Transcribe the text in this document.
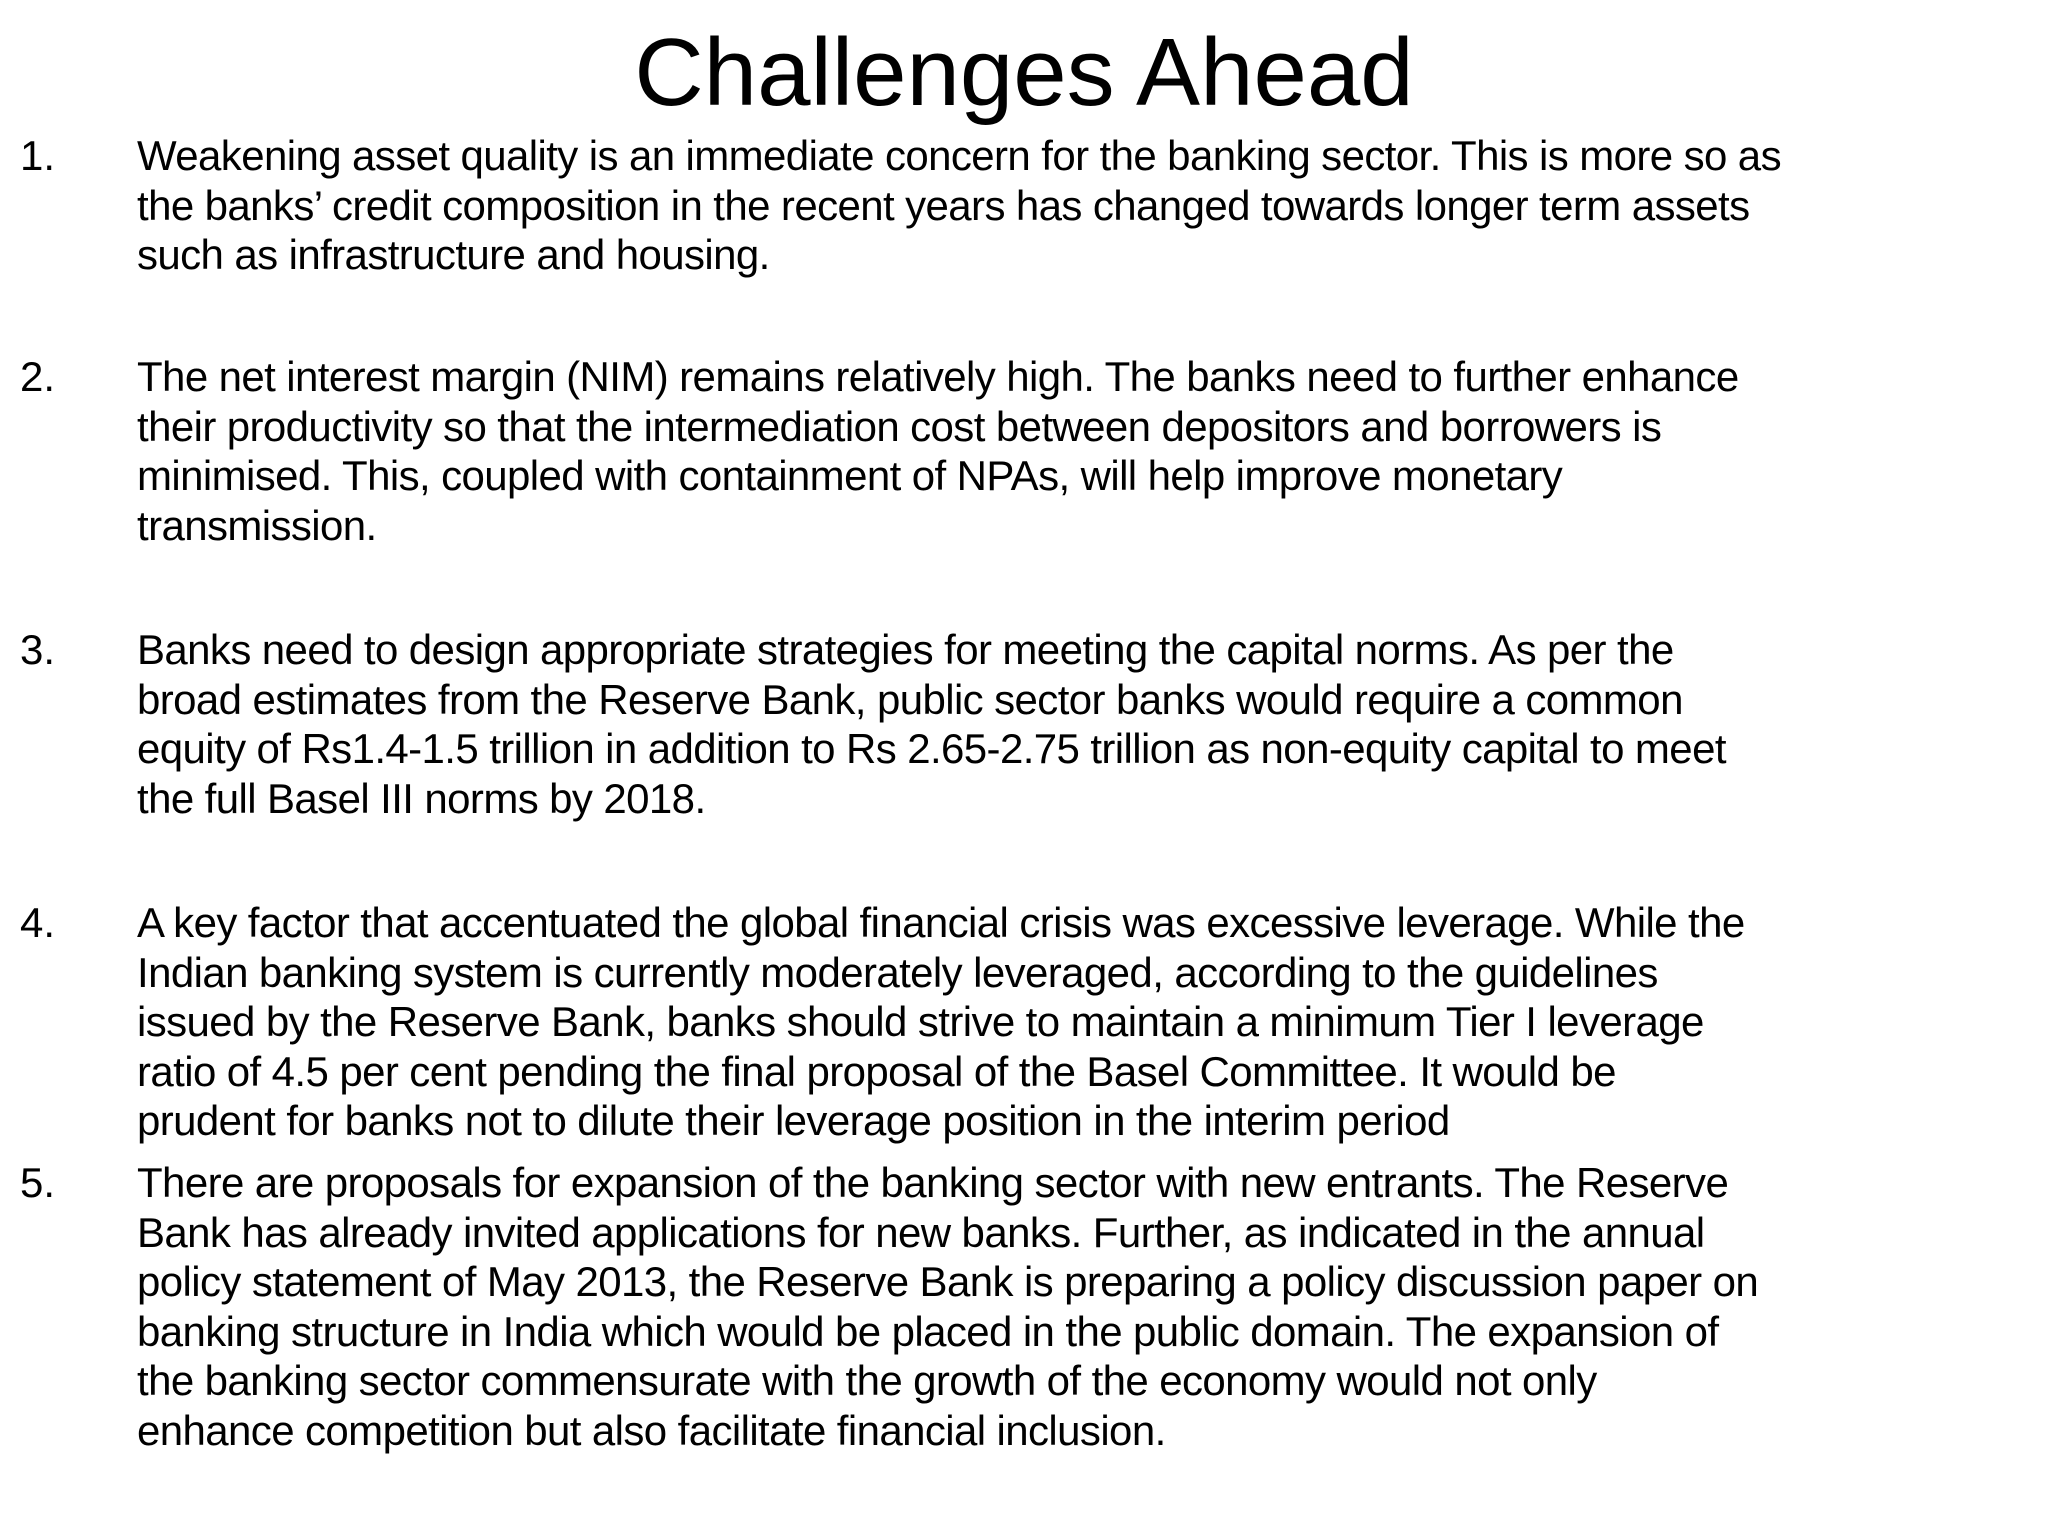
Challenges Ahead
1. Weakening asset quality is an immediate concern for the banking sector. This is more so as
the banks’ credit composition in the recent years has changed towards longer term assets
such as infrastructure and housing.
2. The net interest margin (NIM) remains relatively high. The banks need to further enhance
their productivity so that the intermediation cost between depositors and borrowers is
minimised. This, coupled with containment of NPAs, will help improve monetary
transmission.
3. Banks need to design appropriate strategies for meeting the capital norms. As per the
broad estimates from the Reserve Bank, public sector banks would require a common
equity of Rs1.4-1.5 trillion in addition to Rs 2.65-2.75 trillion as non-equity capital to meet
the full Basel III norms by 2018.
4. A key factor that accentuated the global financial crisis was excessive leverage. While the
Indian banking system is currently moderately leveraged, according to the guidelines
issued by the Reserve Bank, banks should strive to maintain a minimum Tier I leverage
ratio of 4.5 per cent pending the final proposal of the Basel Committee. It would be
prudent for banks not to dilute their leverage position in the interim period
5. There are proposals for expansion of the banking sector with new entrants. The Reserve
Bank has already invited applications for new banks. Further, as indicated in the annual
policy statement of May 2013, the Reserve Bank is preparing a policy discussion paper on
banking structure in India which would be placed in the public domain. The expansion of
the banking sector commensurate with the growth of the economy would not only
enhance competition but also facilitate financial inclusion.
